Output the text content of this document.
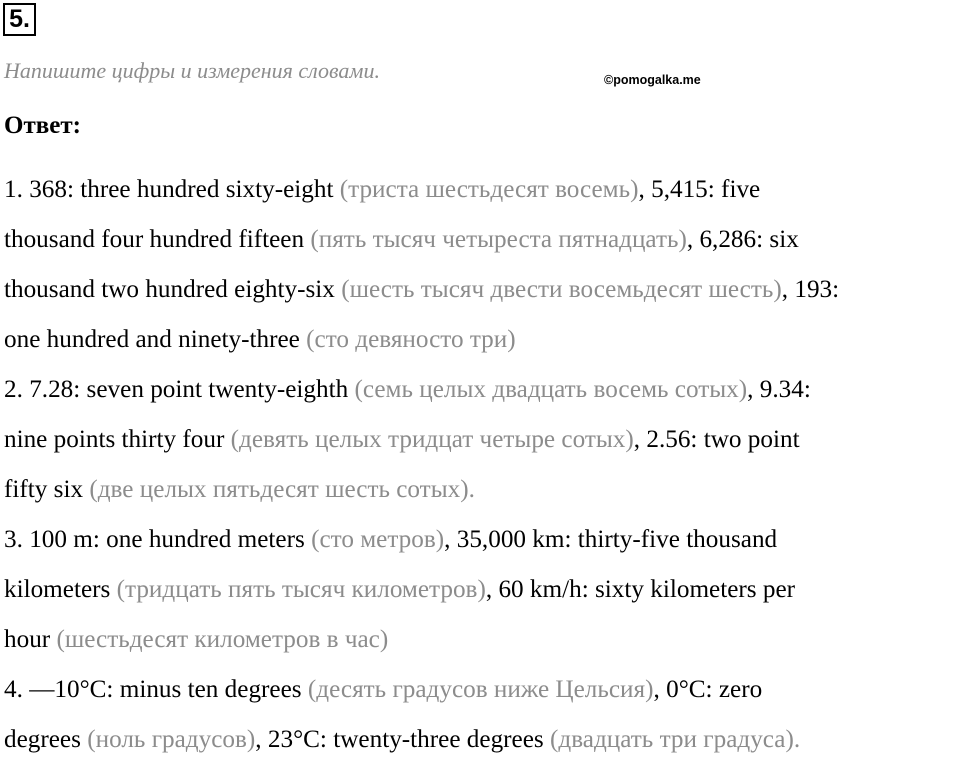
5.
Напишите цифры и измерения словами.	©pomogalka.me
Ответ:
1. 368: three hundred sixty-eight (триста шестьдесят восемь), 5,415: five
thousand four hundred fifteen (пять тысяч четыреста пятнадцать), 6,286: six
thousand two hundred eighty-six (шесть тысяч двести восемьдесят шесть), 193:
one hundred and ninety-three (сто девяносто три)
2. 7.28: seven point twenty-eighth (семь целых двадцать восемь сотых), 9.34:
nine points thirty four (девять целых тридцат четыре сотых), 2.56: two point
fifty six (две целых пятьдесят шесть сотых).
3. 100 m: one hundred meters (сто метров), 35,000 km: thirty-five thousand
kilometers (тридцать пять тысяч километров), 60 km/h: sixty kilometers per
hour (шестьдесят километров в час)
4. —10°C: minus ten degrees (десять градусов ниже Цельсия), 0°C: zero
degrees (ноль градусов), 23°C: twenty-three degrees (двадцать три градуса).
